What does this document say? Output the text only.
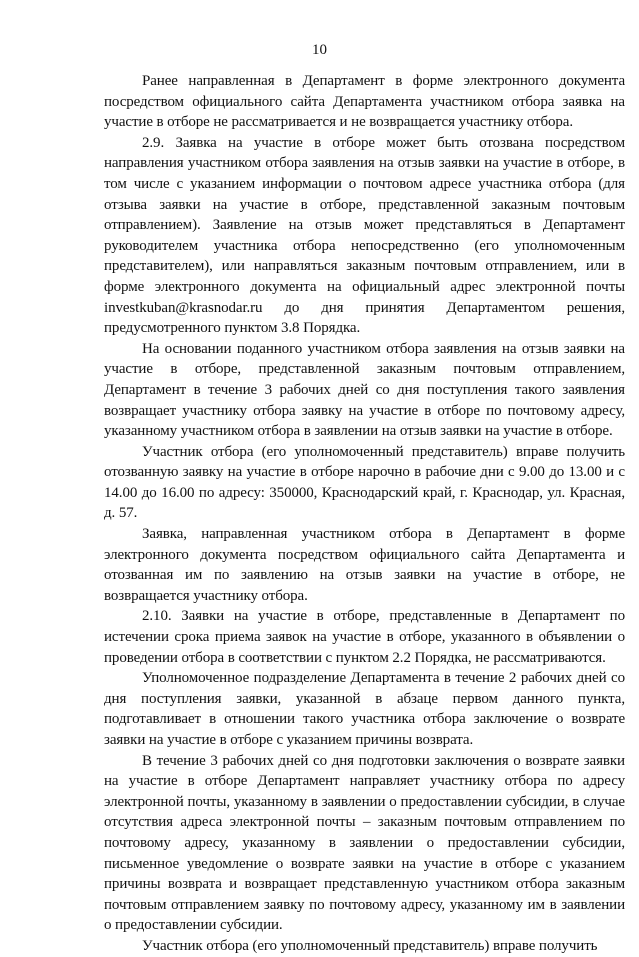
10

Ранее направленная в Департамент в форме электронного документа посредством официального сайта Департамента участником отбора заявка на участие в отборе не рассматривается и не возвращается участнику отбора.

2.9. Заявка на участие в отборе может быть отозвана посредством направления участником отбора заявления на отзыв заявки на участие в отборе, в том числе с указанием информации о почтовом адресе участника отбора (для отзыва заявки на участие в отборе, представленной заказным почтовым отправлением). Заявление на отзыв может представляться в Департамент руководителем участника отбора непосредственно (его уполномоченным представителем), или направляться заказным почтовым отправлением, или в форме электронного документа на официальный адрес электронной почты investkuban@krasnodar.ru до дня принятия Департаментом решения, предусмотренного пунктом 3.8 Порядка.

На основании поданного участником отбора заявления на отзыв заявки на участие в отборе, представленной заказным почтовым отправлением, Департамент в течение 3 рабочих дней со дня поступления такого заявления возвращает участнику отбора заявку на участие в отборе по почтовому адресу, указанному участником отбора в заявлении на отзыв заявки на участие в отборе.

Участник отбора (его уполномоченный представитель) вправе получить отозванную заявку на участие в отборе нарочно в рабочие дни с 9.00 до 13.00 и с 14.00 до 16.00 по адресу: 350000, Краснодарский край, г. Краснодар, ул. Красная, д. 57.

Заявка, направленная участником отбора в Департамент в форме электронного документа посредством официального сайта Департамента и отозванная им по заявлению на отзыв заявки на участие в отборе, не возвращается участнику отбора.

2.10. Заявки на участие в отборе, представленные в Департамент по истечении срока приема заявок на участие в отборе, указанного в объявлении о проведении отбора в соответствии с пунктом 2.2 Порядка, не рассматриваются.

Уполномоченное подразделение Департамента в течение 2 рабочих дней со дня поступления заявки, указанной в абзаце первом данного пункта, подготавливает в отношении такого участника отбора заключение о возврате заявки на участие в отборе с указанием причины возврата.

В течение 3 рабочих дней со дня подготовки заключения о возврате заявки на участие в отборе Департамент направляет участнику отбора по адресу электронной почты, указанному в заявлении о предоставлении субсидии, в случае отсутствия адреса электронной почты – заказным почтовым отправлением по почтовому адресу, указанному в заявлении о предоставлении субсидии, письменное уведомление о возврате заявки на участие в отборе с указанием причины возврата и возвращает представленную участником отбора заказным почтовым отправлением заявку по почтовому адресу, указанному им в заявлении о предоставлении субсидии.

Участник отбора (его уполномоченный представитель) вправе получить
